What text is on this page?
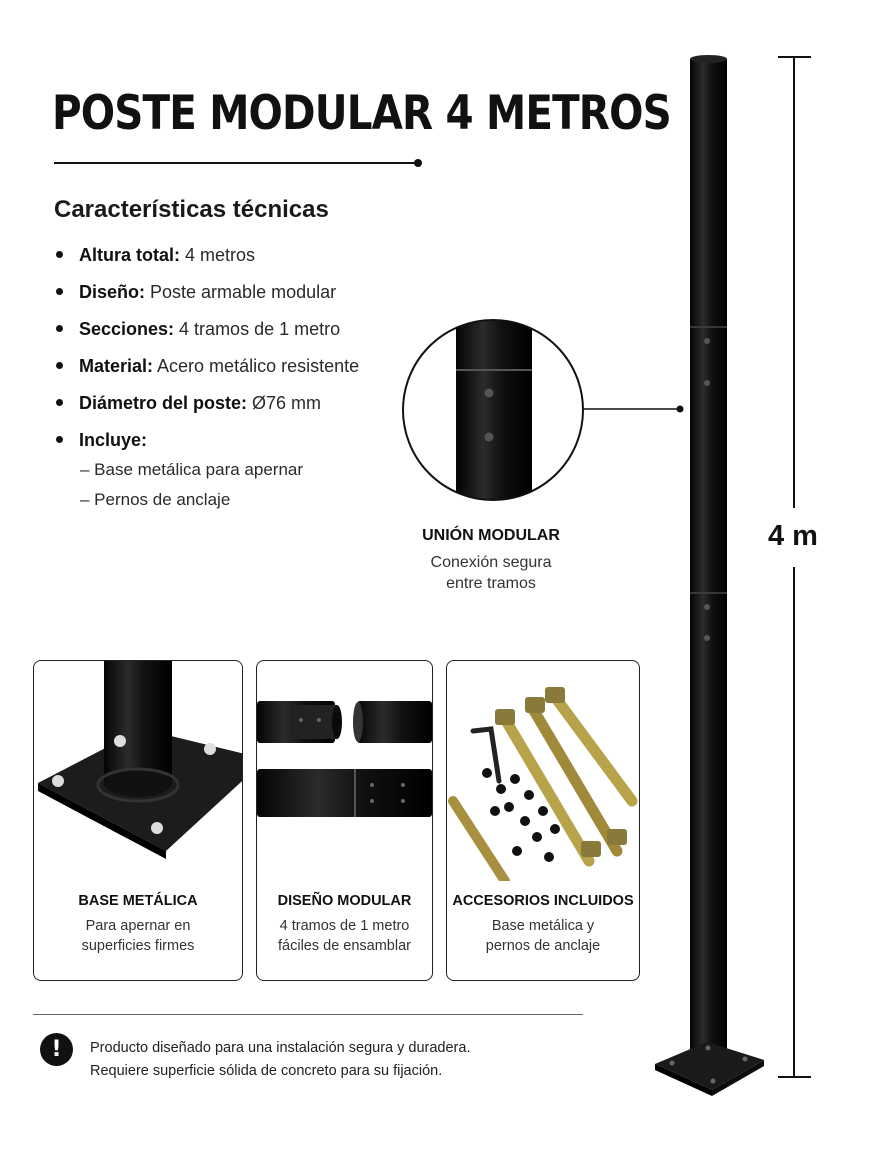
POSTE MODULAR 4 METROS
Características técnicas
Altura total: 4 metros
Diseño: Poste armable modular
Secciones: 4 tramos de 1 metro
Material: Acero metálico resistente
Diámetro del poste: Ø76 mm
Incluye:
– Base metálica para apernar
– Pernos de anclaje
UNIÓN MODULAR
Conexión segura
entre tramos
4 m
BASE METÁLICA
Para apernar en
superficies firmes
DISEÑO MODULAR
4 tramos de 1 metro
fáciles de ensamblar
ACCESORIOS INCLUIDOS
Base metálica y
pernos de anclaje
!	Producto diseñado para una instalación segura y duradera.
Requiere superficie sólida de concreto para su fijación.
